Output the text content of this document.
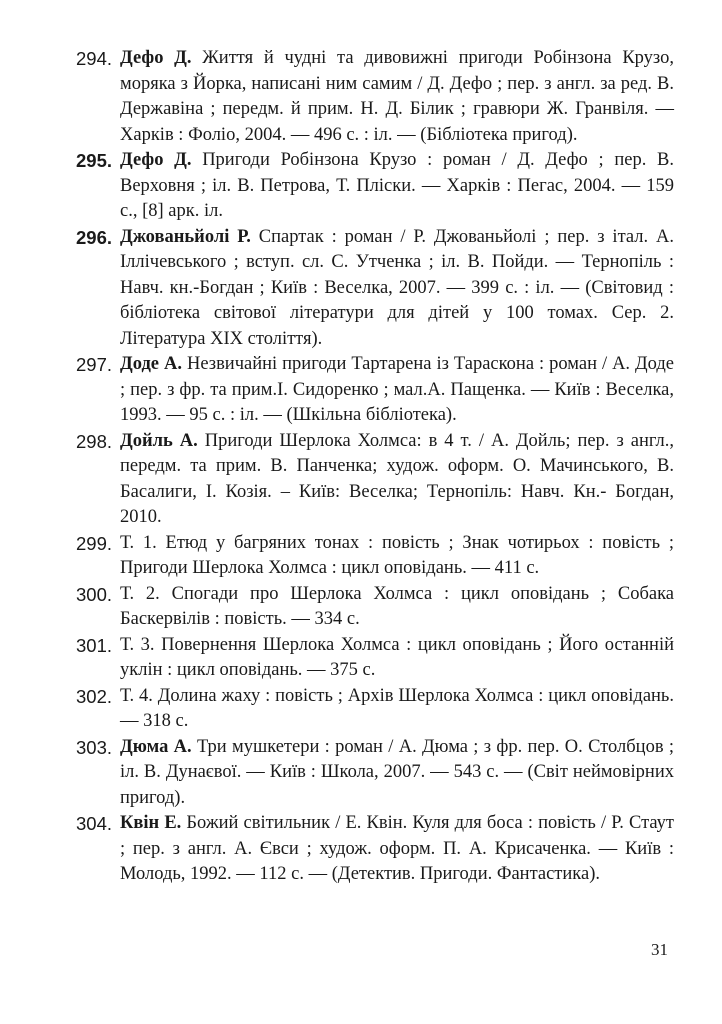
294. Дефо Д. Життя й чудні та дивовижні пригоди Робінзона Крузо, моряка з Йорка, написані ним самим / Д. Дефо ; пер. з англ. за ред. В. Державіна ; передм. й прим. Н. Д. Білик ; гравюри Ж. Гранвіля. — Харків : Фоліо, 2004. — 496 с. : іл. — (Бібліотека пригод).

295. Дефо Д. Пригоди Робінзона Крузо : роман / Д. Дефо ; пер. В. Верховня ; іл. В. Петрова, Т. Пліски. — Харків : Пегас, 2004. — 159 с., [8] арк. іл.

296. Джованьйолі Р. Спартак : роман / Р. Джованьйолі ; пер. з італ. А. Іллічевського ; вступ. сл. С. Утченка ; іл. В. Пойди. — Тернопіль : Навч. кн.-Богдан ; Київ : Веселка, 2007. — 399 с. : іл. — (Світовид : бібліотека світової літератури для дітей у 100 томах. Сер. 2. Література XIX століття).

297. Доде А. Незвичайні пригоди Тартарена із Тараскона : роман / А. Доде ; пер. з фр. та прим.І. Сидоренко ; мал.А. Пащенка. — Київ : Веселка, 1993. — 95 с. : іл. — (Шкільна бібліотека).

298. Дойль А. Пригоди Шерлока Холмса: в 4 т. / А. Дойль; пер. з англ., передм. та прим. В. Панченка; худож. оформ. О. Мачинського, В. Басалиги, І. Козія. – Київ: Веселка; Тернопіль: Навч. Кн.- Богдан, 2010.

299. Т. 1. Етюд у багряних тонах : повість ; Знак чотирьох : повість ; Пригоди Шерлока Холмса : цикл оповідань. — 411 с.

300. Т. 2. Спогади про Шерлока Холмса : цикл оповідань ; Собака Баскервілів : повість. — 334 с.

301. Т. 3. Повернення Шерлока Холмса : цикл оповідань ; Його останній уклін : цикл оповідань. — 375 с.

302. Т. 4. Долина жаху : повість ; Архів Шерлока Холмса : цикл оповідань. — 318 с.

303. Дюма А. Три мушкетери : роман / А. Дюма ; з фр. пер. О. Столбцов ; іл. В. Дунаєвої. — Київ : Школа, 2007. — 543 с. — (Світ неймовірних пригод).

304. Квін Е. Божий світильник / Е. Квін. Куля для боса : повість / Р. Стаут ; пер. з англ. А. Євси ; худож. оформ. П. А. Крисаченка. — Київ : Молодь, 1992. — 112 с. — (Детектив. Пригоди. Фантастика).

31
